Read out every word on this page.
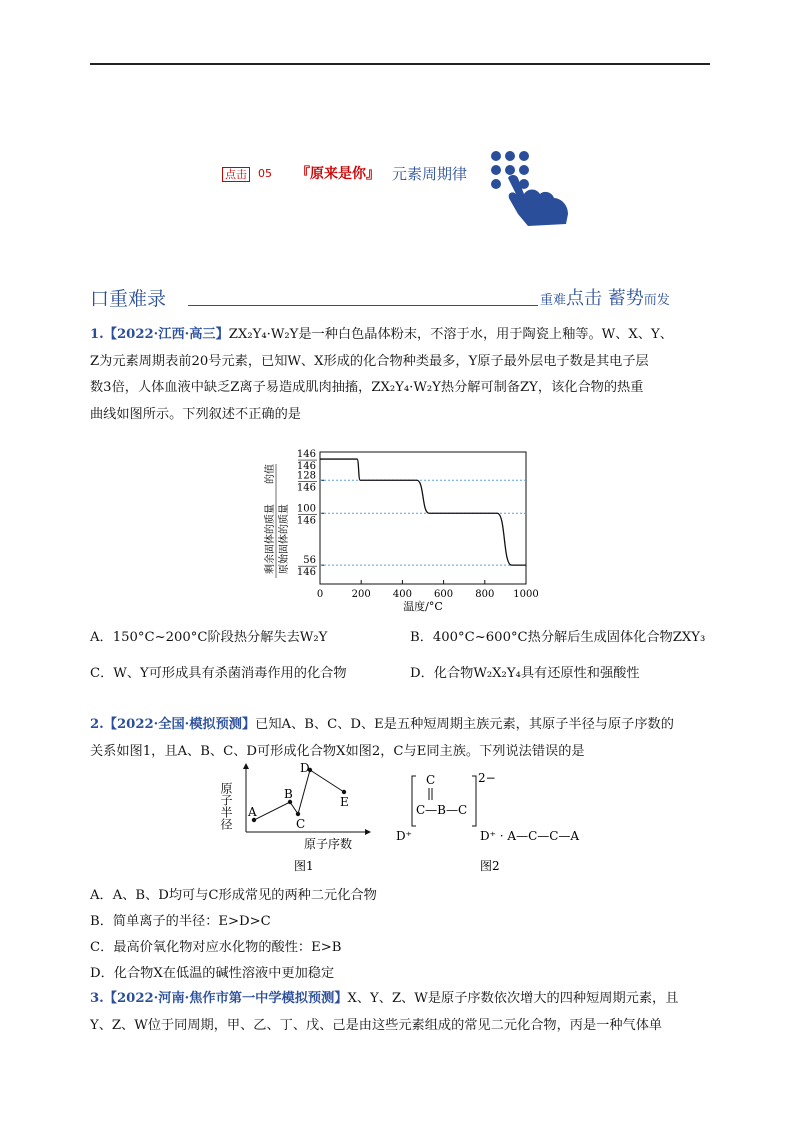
点击 05 『原来是你』 元素周期律
口重难录	重难点击 蓄势而发
1.【2022·江西·高三】ZX₂Y₄·W₂Y是一种白色晶体粉末，不溶于水，用于陶瓷上釉等。W、X、Y、
Z为元素周期表前20号元素，已知W、X形成的化合物种类最多，Y原子最外层电子数是其电子层
数3倍，人体血液中缺乏Z离子易造成肌肉抽搐，ZX₂Y₄·W₂Y热分解可制备ZY，该化合物的热重
曲线如图所示。下列叙述不正确的是
0	200 400 600 800 1000
温度/°C
146
146
128
146
100
146
56
146
剩余固体的质量 原始固体的质量
的值
A．150°C~200°C阶段热分解失去W₂Y	B．400°C~600°C热分解后生成固体化合物ZXY₃
C．W、Y可形成具有杀菌消毒作用的化合物	D．化合物W₂X₂Y₄具有还原性和强酸性
2.【2022·全国·模拟预测】已知A、B、C、D、E是五种短周期主族元素，其原子半径与原子序数的
关系如图1，且A、B、C、D可形成化合物X如图2，C与E同主族。下列说法错误的是
原子半径 A
B
C
D
E
原子序数
图1
C	2−
D⁺
C—B—C
D⁺ · A—C—C—A
图2
A．A、B、D均可与C形成常见的两种二元化合物
B．简单离子的半径：E>D>C
C．最高价氧化物对应水化物的酸性：E>B
D．化合物X在低温的碱性溶液中更加稳定
3.【2022·河南·焦作市第一中学模拟预测】X、Y、Z、W是原子序数依次增大的四种短周期元素，且
Y、Z、W位于同周期，甲、乙、丁、戊、己是由这些元素组成的常见二元化合物，丙是一种气体单
